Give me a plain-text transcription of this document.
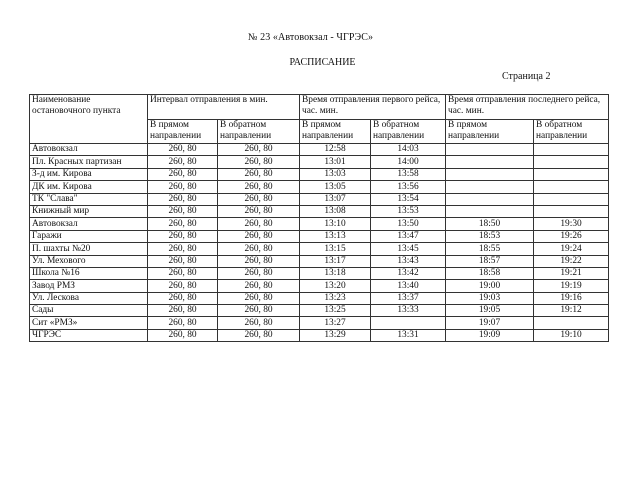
№ 23 «Автовокзал - ЧГРЭС»
РАСПИСАНИЕ
Страница 2
Наименование остановочного пункта	Интервал отправления в мин.		Время отправления первого рейса, час. мин.		Время отправления последнего рейса, час. мин.	
	В прямом направлении	В обратном направлении	В прямом направлении	В обратном направлении	В прямом направлении	В обратном направлении
Автовокзал	260, 80	260, 80	12:58	14:03		
Пл. Красных партизан	260, 80	260, 80	13:01	14:00		
З-д им. Кирова	260, 80	260, 80	13:03	13:58		
ДК им. Кирова	260, 80	260, 80	13:05	13:56		
ТК "Слава"	260, 80	260, 80	13:07	13:54		
Книжный мир	260, 80	260, 80	13:08	13:53		
Автовокзал	260, 80	260, 80	13:10	13:50	18:50	19:30
Гаражи	260, 80	260, 80	13:13	13:47	18:53	19:26
П. шахты №20	260, 80	260, 80	13:15	13:45	18:55	19:24
Ул. Мехового	260, 80	260, 80	13:17	13:43	18:57	19:22
Школа №16	260, 80	260, 80	13:18	13:42	18:58	19:21
Завод РМЗ	260, 80	260, 80	13:20	13:40	19:00	19:19
Ул. Лескова	260, 80	260, 80	13:23	13:37	19:03	19:16
Сады	260, 80	260, 80	13:25	13:33	19:05	19:12
Сит «РМЗ»	260, 80	260, 80	13:27		19:07	
ЧГРЭС	260, 80	260, 80	13:29	13:31	19:09	19:10
